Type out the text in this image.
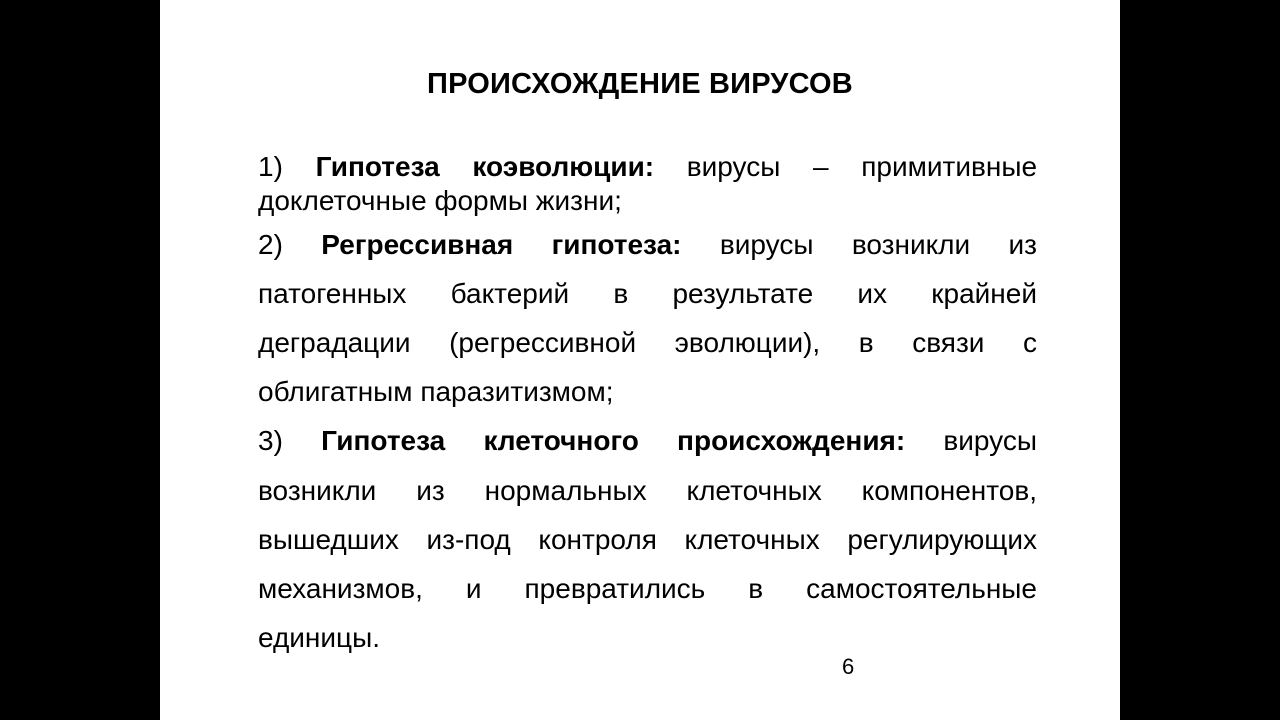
ПРОИСХОЖДЕНИЕ ВИРУСОВ

1) Гипотеза коэволюции: вирусы – примитивные

доклеточные формы жизни;

2) Регрессивная гипотеза: вирусы возникли из

патогенных бактерий в результате их крайней

деградации (регрессивной эволюции), в связи с

облигатным паразитизмом;

3) Гипотеза клеточного происхождения: вирусы

возникли из нормальных клеточных компонентов,

вышедших из-под контроля клеточных регулирующих

механизмов, и превратились в самостоятельные

единицы.

6
